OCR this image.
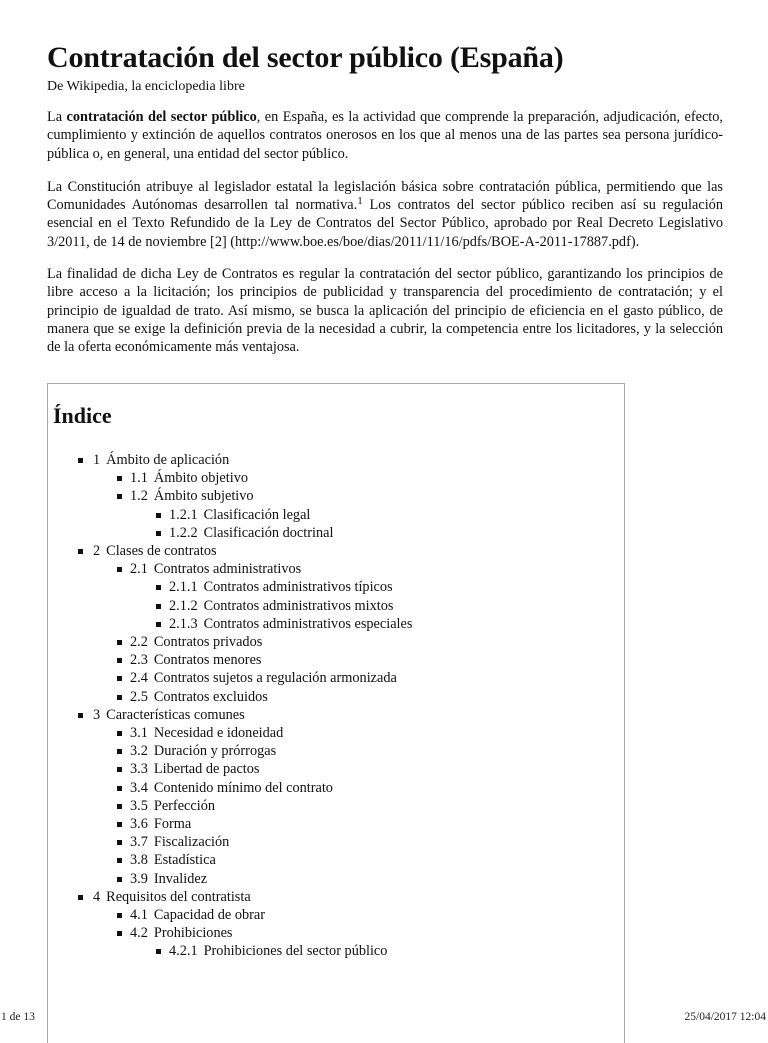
Contratación del sector público (España)
De Wikipedia, la enciclopedia libre

La contratación del sector público, en España, es la actividad que comprende la preparación, adjudicación, efecto, cumplimiento y extinción de aquellos contratos onerosos en los que al menos una de las partes sea persona jurídico-pública o, en general, una entidad del sector público.

La Constitución atribuye al legislador estatal la legislación básica sobre contratación pública, permitiendo que las Comunidades Autónomas desarrollen tal normativa.$^1$ Los contratos del sector público reciben así su regulación esencial en el Texto Refundido de la Ley de Contratos del Sector Público, aprobado por Real Decreto Legislativo 3/2011, de 14 de noviembre [2] (http://www.boe.es/boe/dias/2011/11/16/pdfs/BOE-A-2011-17887.pdf).

La finalidad de dicha Ley de Contratos es regular la contratación del sector público, garantizando los principios de libre acceso a la licitación; los principios de publicidad y transparencia del procedimiento de contratación; y el principio de igualdad de trato. Así mismo, se busca la aplicación del principio de eficiencia en el gasto público, de manera que se exige la definición previa de la necesidad a cubrir, la competencia entre los licitadores, y la selección de la oferta económicamente más ventajosa.

Índice
1 Ámbito de aplicación
1.1 Ámbito objetivo
1.2 Ámbito subjetivo
1.2.1 Clasificación legal
1.2.2 Clasificación doctrinal
2 Clases de contratos
2.1 Contratos administrativos
2.1.1 Contratos administrativos típicos
2.1.2 Contratos administrativos mixtos
2.1.3 Contratos administrativos especiales
2.2 Contratos privados
2.3 Contratos menores
2.4 Contratos sujetos a regulación armonizada
2.5 Contratos excluidos
3 Características comunes
3.1 Necesidad e idoneidad
3.2 Duración y prórrogas
3.3 Libertad de pactos
3.4 Contenido mínimo del contrato
3.5 Perfección
3.6 Forma
3.7 Fiscalización
3.8 Estadística
3.9 Invalidez
4 Requisitos del contratista
4.1 Capacidad de obrar
4.2 Prohibiciones
4.2.1 Prohibiciones del sector público
1 de 13	25/04/2017 12:04
